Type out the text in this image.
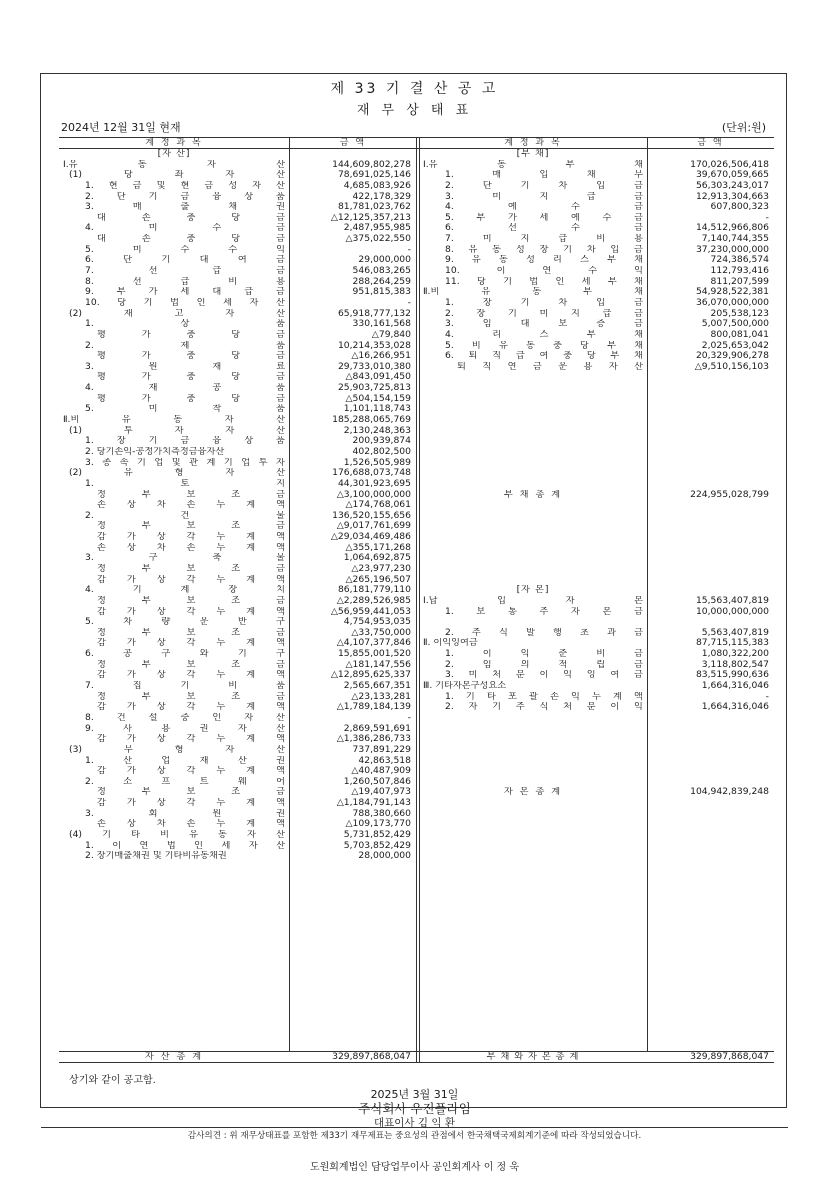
제 33 기 결 산 공 고
재 무 상 태 표
2024년 12월 31일 현재	(단위:원)
계 정 과 목	금 액	계 정 과 목	금 액
[자 산]
Ⅰ.유	동	자	산	144,609,802,278
(1)	당	좌	자	산	78,691,025,146
1. 현 금 및 현 금 성 자 산	4,685,083,926
2. 단 기 금 융 상 품	422,178,329
3.	매	출	채	권	81,781,023,762
대	손	충	당	금	△12,125,357,213
4.	미	수	금	2,487,955,985
대	손	충	당	금	△375,022,550
5.	미	수	수	익	-
6.	단	기	대	여	금	29,000,000
7.	선	급	금	546,083,265
8.	선	급	비	용	288,264,259
9. 부 가 세 대 급 금	951,815,383
10. 당 기 법 인 세 자 산	-
(2)	재	고	자	산	65,918,777,132
1.	상	품	330,161,568
평	가	충	당	금	△79,840
2.	제	품	10,214,353,028
평	가	충	당	금	△16,266,951
3.	원	재	료	29,733,010,380
평	가	충	당	금	△843,091,450
4.	재	공	품	25,903,725,813
평	가	충	당	금	△504,154,159
5.	미	착	품	1,101,118,743
Ⅱ.비	유	동	자	산	185,288,065,769
(1)	투	자	자	산	2,130,248,363
1. 장 기 금 융 상 품	200,939,874
2. 당기손익-공정가치측정금융자산	402,802,500
3. 종 속 기 업 및 관 계 기 업 투 자	1,526,505,989
(2)	유	형	자	산	176,688,073,748
1.	토	지	44,301,923,695
정	부	보	조	금	△3,100,000,000
손 상 차 손 누 계 액	△174,768,061
2.	건	물	136,520,155,656
정	부	보	조	금	△9,017,761,699
감 가 상 각 누 계 액	△29,034,469,486
손 상 차 손 누 계 액	△355,171,268
3.	구	축	물	1,064,692,875
정	부	보	조	금	△23,977,230
감 가 상 각 누 계 액	△265,196,507
4.	기	계	장	치	86,181,779,110
정	부	보	조	금	△2,289,526,985
감 가 상 각 누 계 액	△56,959,441,053
5.	차	량	운	반	구	4,754,953,035
정	부	보	조	금	△33,750,000
감 가 상 각 누 계 액	△4,107,377,846
6.	공	구	와	기	구	15,855,001,520
정	부	보	조	금	△181,147,556
감 가 상 각 누 계 액	△12,895,625,337
7.	집	기	비	품	2,565,667,351
정	부	보	조	금	△23,133,281
감 가 상 각 누 계 액	△1,789,184,139
8. 건 설 중 인 자 산	-
9.	사	용	권	자	산	2,869,591,691
감 가 상 각 누 계 액	△1,386,286,733
(3)	무	형	자	산	737,891,229
1.	산	업	재	산	권	42,863,518
감 가 상 각 누 계 액	△40,487,909
2.	소	프	트	웨	어	1,260,507,846
정	부	보	조	금	△19,407,973
감 가 상 각 누 계 액	△1,184,791,143
3.	회	원	권	788,380,660
손 상 차 손 누 계 액	△109,173,770
(4) 기 타 비 유 동 자 산	5,731,852,429
1. 이 연 법 인 세 자 산	5,703,852,429
2. 장기매출채권 및 기타비유동채권	28,000,000
[부 채]
Ⅰ.유	동	부	채	170,026,506,418
1.	매	입	채	무	39,670,059,665
2.	단	기	차	입	금	56,303,243,017
3.	미	지	급	금	12,913,304,663
4.	예	수	금	607,800,323
5. 부 가 세 예 수 금	-
6.	선	수	금	14,512,966,806
7.	미	지	급	비	용	7,140,744,355
8. 유 동 성 장 기 차 입 금	37,230,000,000
9. 유 동 성 리 스 부 채	724,386,574
10.	이	연	수	익	112,793,416
11. 당 기 법 인 세 부 채	811,207,599
Ⅱ.비	유	동	부	채	54,928,522,381
1.	장	기	차	입	금	36,070,000,000
2. 장 기 미 지 급 금	205,538,123
3.	임	대	보	증	금	5,007,500,000
4.	리	스	부	채	800,081,041
5. 비 유 동 충 당 부 채	2,025,653,042
6. 퇴 직 급 여 충 당 부 채	20,329,906,278
퇴 직 연 금 운 용 자 산	△9,510,156,103
부 채 총 계	224,955,028,799
[자 본]
Ⅰ.납	입	자	본	15,563,407,819
1. 보 통 주 자 본 금	10,000,000,000
2. 주 식 발 행 초 과 금	5,563,407,819
Ⅱ. 이익잉여금	87,715,115,383
1.	이	익	준	비	금	1,080,322,200
2.	임	의	적	립	금	3,118,802,547
3. 미 처 분 이 익 잉 여 금	83,515,990,636
Ⅲ. 기타자본구성요소	1,664,316,046
1. 기 타 포 괄 손 익 누 계 액	-
2. 자 기 주 식 처 분 이 익	1,664,316,046
자 본 총 계	104,942,839,248
자 산 총 계	329,897,868,047	부 채 와 자 본 총 계	329,897,868,047
상기와 같이 공고함.
2025년 3월 31일
주식회사 우진플라임
대표이사 김 익 환
감사의견 : 위 재무상태표를 포함한 제33기 재무제표는 중요성의 관점에서 한국채택국제회계기준에 따라 작성되었습니다.
도원회계법인 담당업무이사 공인회계사 이 정 욱
